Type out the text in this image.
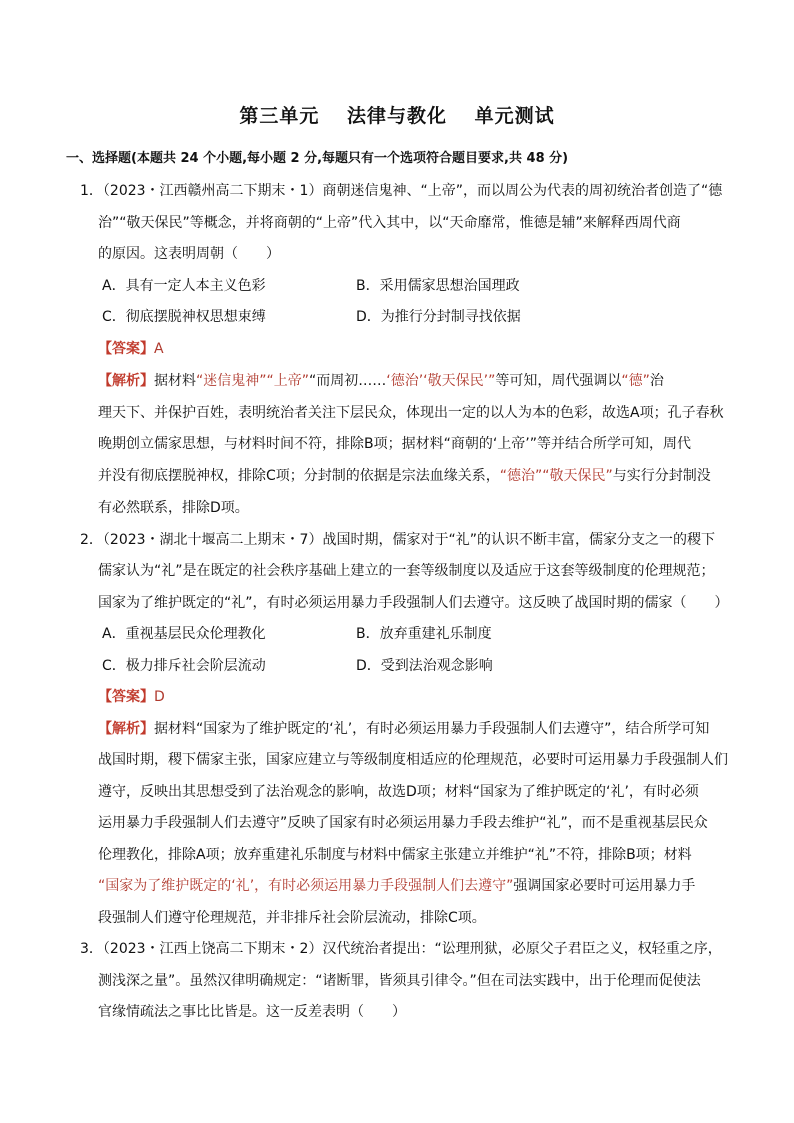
第三单元 法律与教化 单元测试
一、选择题(本题共 24 个小题,每小题 2 分,每题只有一个选项符合题目要求,共 48 分)
1．（2023・江西赣州高二下期末・1）商朝迷信鬼神、“上帝”，而以周公为代表的周初统治者创造了“德
治”“敬天保民”等概念，并将商朝的“上帝”代入其中，以“天命靡常，惟德是辅”来解释西周代商
的原因。这表明周朝（　　）
A．具有一定人本主义色彩	B．采用儒家思想治国理政
C．彻底摆脱神权思想束缚	D．为推行分封制寻找依据
【答案】A
【解析】据材料“迷信鬼神”“上帝”“而周初……‘德治’‘敬天保民’”等可知，周代强调以“德”治
理天下、并保护百姓，表明统治者关注下层民众，体现出一定的以人为本的色彩，故选A项；孔子春秋
晚期创立儒家思想，与材料时间不符，排除B项；据材料“商朝的‘上帝’”等并结合所学可知，周代
并没有彻底摆脱神权，排除C项；分封制的依据是宗法血缘关系，“德治”“敬天保民”与实行分封制没
有必然联系，排除D项。
2．（2023・湖北十堰高二上期末・7）战国时期，儒家对于“礼”的认识不断丰富，儒家分支之一的稷下
儒家认为“礼”是在既定的社会秩序基础上建立的一套等级制度以及适应于这套等级制度的伦理规范；
国家为了维护既定的“礼”，有时必须运用暴力手段强制人们去遵守。这反映了战国时期的儒家（　　）
A．重视基层民众伦理教化	B．放弃重建礼乐制度
C．极力排斥社会阶层流动	D．受到法治观念影响
【答案】D
【解析】据材料“国家为了维护既定的‘礼’，有时必须运用暴力手段强制人们去遵守”，结合所学可知
战国时期，稷下儒家主张，国家应建立与等级制度相适应的伦理规范，必要时可运用暴力手段强制人们
遵守，反映出其思想受到了法治观念的影响，故选D项；材料“国家为了维护既定的‘礼’，有时必须
运用暴力手段强制人们去遵守”反映了国家有时必须运用暴力手段去维护“礼”，而不是重视基层民众
伦理教化，排除A项；放弃重建礼乐制度与材料中儒家主张建立并维护“礼”不符，排除B项；材料
“国家为了维护既定的‘礼’，有时必须运用暴力手段强制人们去遵守”强调国家必要时可运用暴力手
段强制人们遵守伦理规范，并非排斥社会阶层流动，排除C项。
3．（2023・江西上饶高二下期末・2）汉代统治者提出：“讼理刑狱，必原父子君臣之义，权轻重之序，
测浅深之量”。虽然汉律明确规定：“诸断罪，皆须具引律令。”但在司法实践中，出于伦理而促使法
官缘情疏法之事比比皆是。这一反差表明（　　）
